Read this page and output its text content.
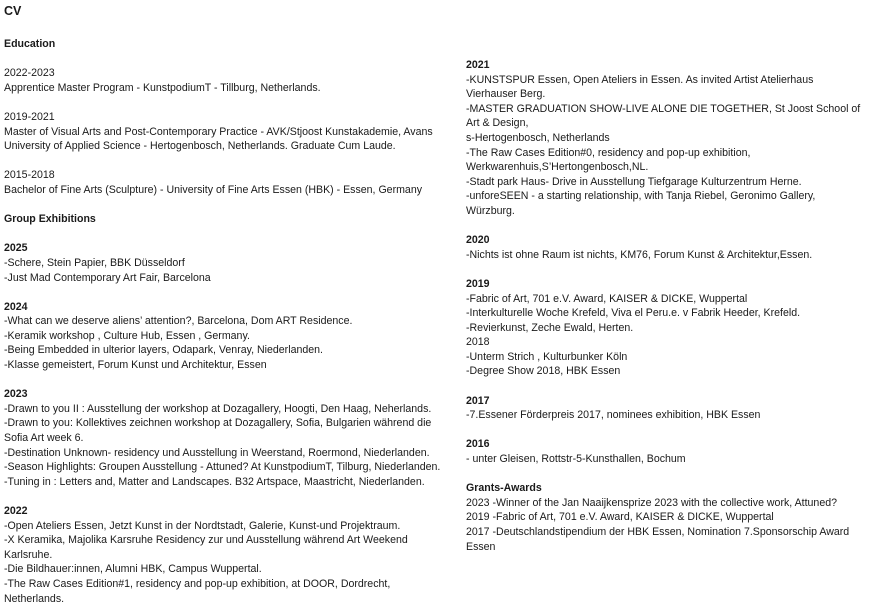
CV
Education
2022-2023
Apprentice Master Program - KunstpodiumT - Tillburg, Netherlands.
2019-2021
Master of Visual Arts and Post-Contemporary Practice - AVK/Stjoost Kunstakademie, Avans
University of Applied Science - Hertogenbosch, Netherlands. Graduate Cum Laude.
2015-2018
Bachelor of Fine Arts (Sculpture) - University of Fine Arts Essen (HBK) - Essen, Germany
Group Exhibitions
2025
-Schere, Stein Papier, BBK Düsseldorf
-Just Mad Contemporary Art Fair, Barcelona
2024
-What can we deserve aliens’ attention?, Barcelona, Dom ART Residence.
-Keramik workshop , Culture Hub, Essen , Germany.
-Being Embedded in ulterior layers, Odapark, Venray, Niederlanden.
-Klasse gemeistert, Forum Kunst und Architektur, Essen
2023
-Drawn to you II : Ausstellung der workshop at Dozagallery, Hoogti, Den Haag, Neherlands.
-Drawn to you: Kollektives zeichnen workshop at Dozagallery, Sofia, Bulgarien während die
Sofia Art week 6.
-Destination Unknown- residency und Ausstellung in Weerstand, Roermond, Niederlanden.
-Season Highlights: Groupen Ausstellung - Attuned? At KunstpodiumT, Tilburg, Niederlanden.
-Tuning in : Letters and, Matter and Landscapes. B32 Artspace, Maastricht, Niederlanden.
2022
-Open Ateliers Essen, Jetzt Kunst in der Nordtstadt, Galerie, Kunst-und Projektraum.
-X Keramika, Majolika Karsruhe Residency zur und Ausstellung während Art Weekend
Karlsruhe.
-Die Bildhauer:innen, Alumni HBK, Campus Wuppertal.
-The Raw Cases Edition#1, residency and pop-up exhibition, at DOOR, Dordrecht,
Netherlands.
2021
-KUNSTSPUR Essen, Open Ateliers in Essen. As invited Artist Atelierhaus
Vierhauser Berg.
-MASTER GRADUATION SHOW-LIVE ALONE DIE TOGETHER, St Joost School of
Art & Design,
s-Hertogenbosch, Netherlands
-The Raw Cases Edition#0, residency and pop-up exhibition,
Werkwarenhuis,S’Hertongenbosch,NL.
-Stadt park Haus- Drive in Ausstellung Tiefgarage Kulturzentrum Herne.
-unforeSEEN - a starting relationship, with Tanja Riebel, Geronimo Gallery,
Würzburg.
2020
-Nichts ist ohne Raum ist nichts, KM76, Forum Kunst & Architektur,Essen.
2019
-Fabric of Art, 701 e.V. Award, KAISER & DICKE, Wuppertal
-Interkulturelle Woche Krefeld, Viva el Peru.e. v Fabrik Heeder, Krefeld.
-Revierkunst, Zeche Ewald, Herten.
2018
-Unterm Strich , Kulturbunker Köln
-Degree Show 2018, HBK Essen
2017
-7.Essener Förderpreis 2017, nominees exhibition, HBK Essen
2016
- unter Gleisen, Rottstr-5-Kunsthallen, Bochum
Grants-Awards
2023 -Winner of the Jan Naaijkensprize 2023 with the collective work, Attuned?
2019 -Fabric of Art, 701 e.V. Award, KAISER & DICKE, Wuppertal
2017 -Deutschlandstipendium der HBK Essen, Nomination 7.Sponsorschip Award
Essen
